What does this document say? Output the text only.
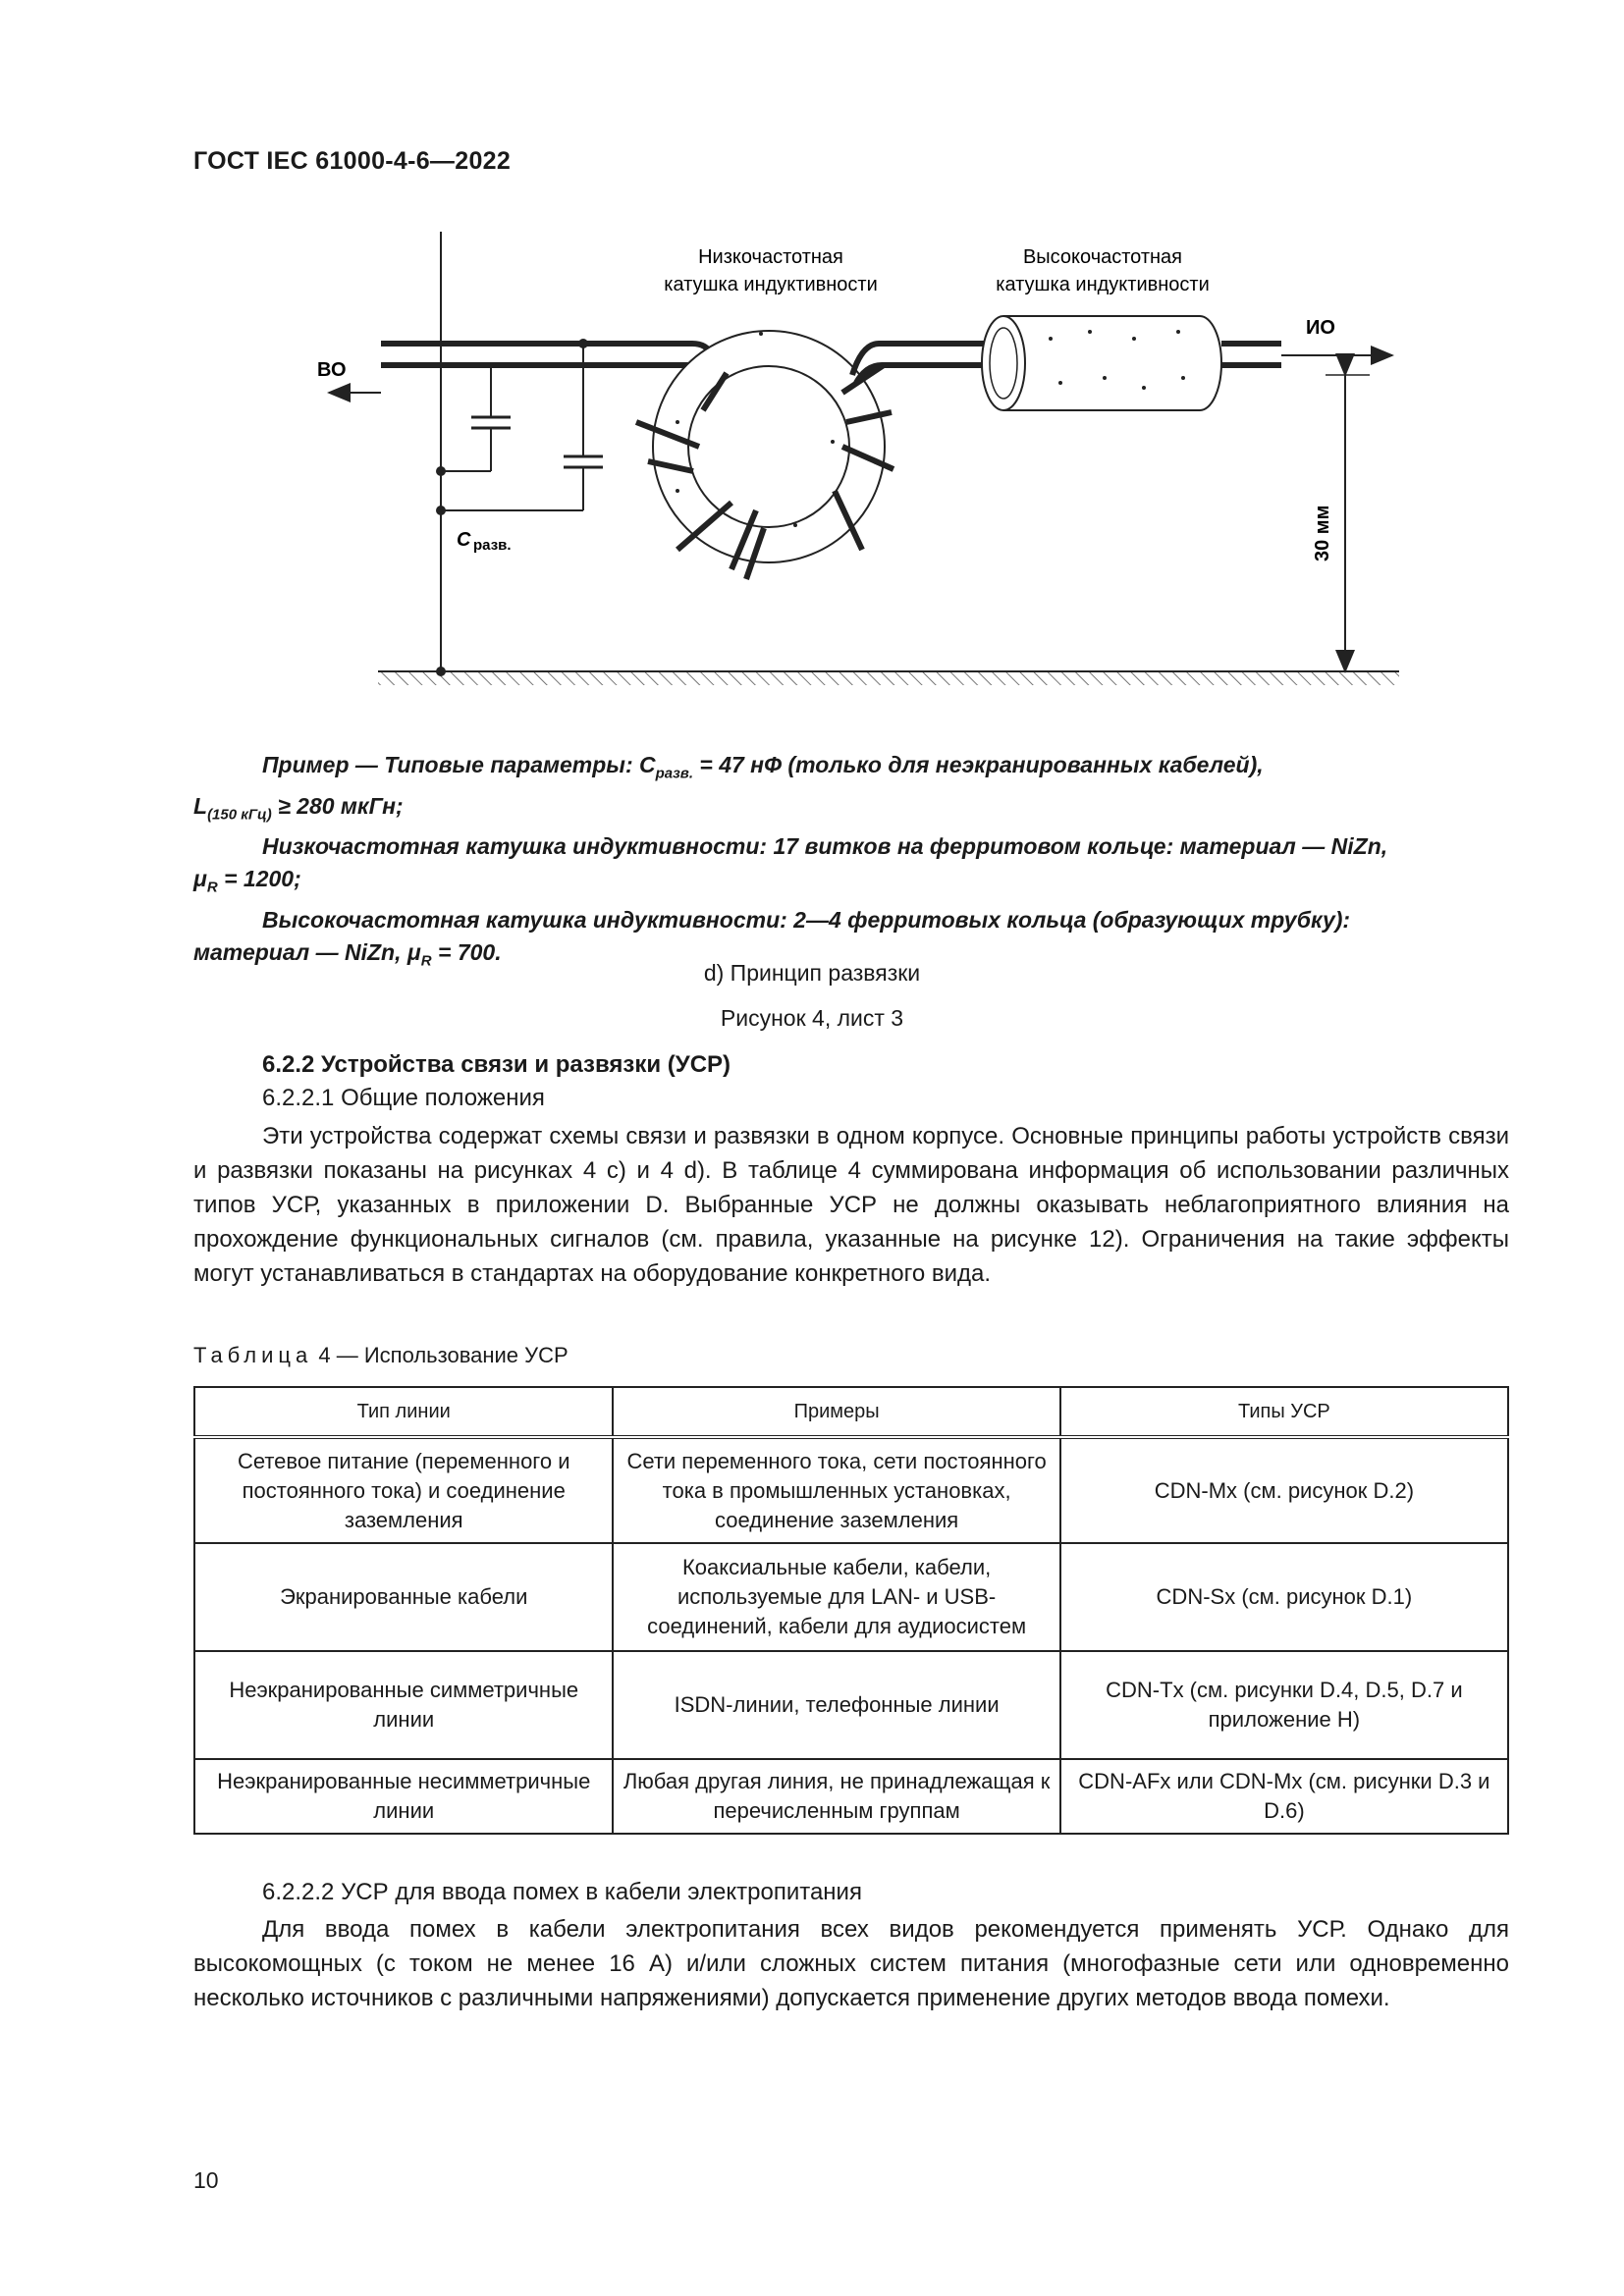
ГОСТ IEC 61000-4-6—2022
Низкочастотная
катушка индуктивности
Высокочастотная
катушка индуктивности
ВО
ИО
C разв.	30 мм

Пример — Типовые параметры: $C_{разв.} = 47$ нФ (только для неэкранированных кабелей),

$L_{(150 кГц)} \ge 280$ мкГн;

Низкочастотная катушка индуктивности: 17 витков на ферритовом кольце: материал — NiZn,

$\mu_R = 1200$;

Высокочастотная катушка индуктивности: 2—4 ферритовых кольца (образующих трубку):

материал — NiZn, $\mu_R = 700$.

d) Принцип развязки
Рисунок 4, лист 3
6.2.2 Устройства связи и развязки (УСР)
6.2.2.1 Общие положения

Эти устройства содержат схемы связи и развязки в одном корпусе. Основные принципы работы устройств связи и развязки показаны на рисунках 4 с) и 4 d). В таблице 4 суммирована информация об использовании различных типов УСР, указанных в приложении D. Выбранные УСР не должны оказывать неблагоприятного влияния на прохождение функциональных сигналов (см. правила, указанные на рисунке 12). Ограничения на такие эффекты могут устанавливаться в стандартах на оборудование конкретного вида.

Таблица 4 — Использование УСР
Тип линии	Примеры	Типы УСР
Сетевое питание (переменного и постоянного тока) и соединение заземления	Сети переменного тока, сети постоянного тока в промышленных установках, соединение заземления	CDN-Mx (см. рисунок D.2)
Экранированные кабели	Коаксиальные кабели, кабели, используемые для LAN- и USB-соединений, кабели для аудиосистем	CDN-Sx (см. рисунок D.1)
Неэкранированные симметричные линии	ISDN-линии, телефонные линии	CDN-Tx (см. рисунки D.4, D.5, D.7 и приложение H)
Неэкранированные несимметричные линии	Любая другая линия, не принадлежащая к перечисленным группам	CDN-AFx или CDN-Mx (см. рисунки D.3 и D.6)
6.2.2.2 УСР для ввода помех в кабели электропитания

Для ввода помех в кабели электропитания всех видов рекомендуется применять УСР. Однако для высокомощных (с током не менее 16 А) и/или сложных систем питания (многофазные сети или одновременно несколько источников с различными напряжениями) допускается применение других методов ввода помехи.

10
